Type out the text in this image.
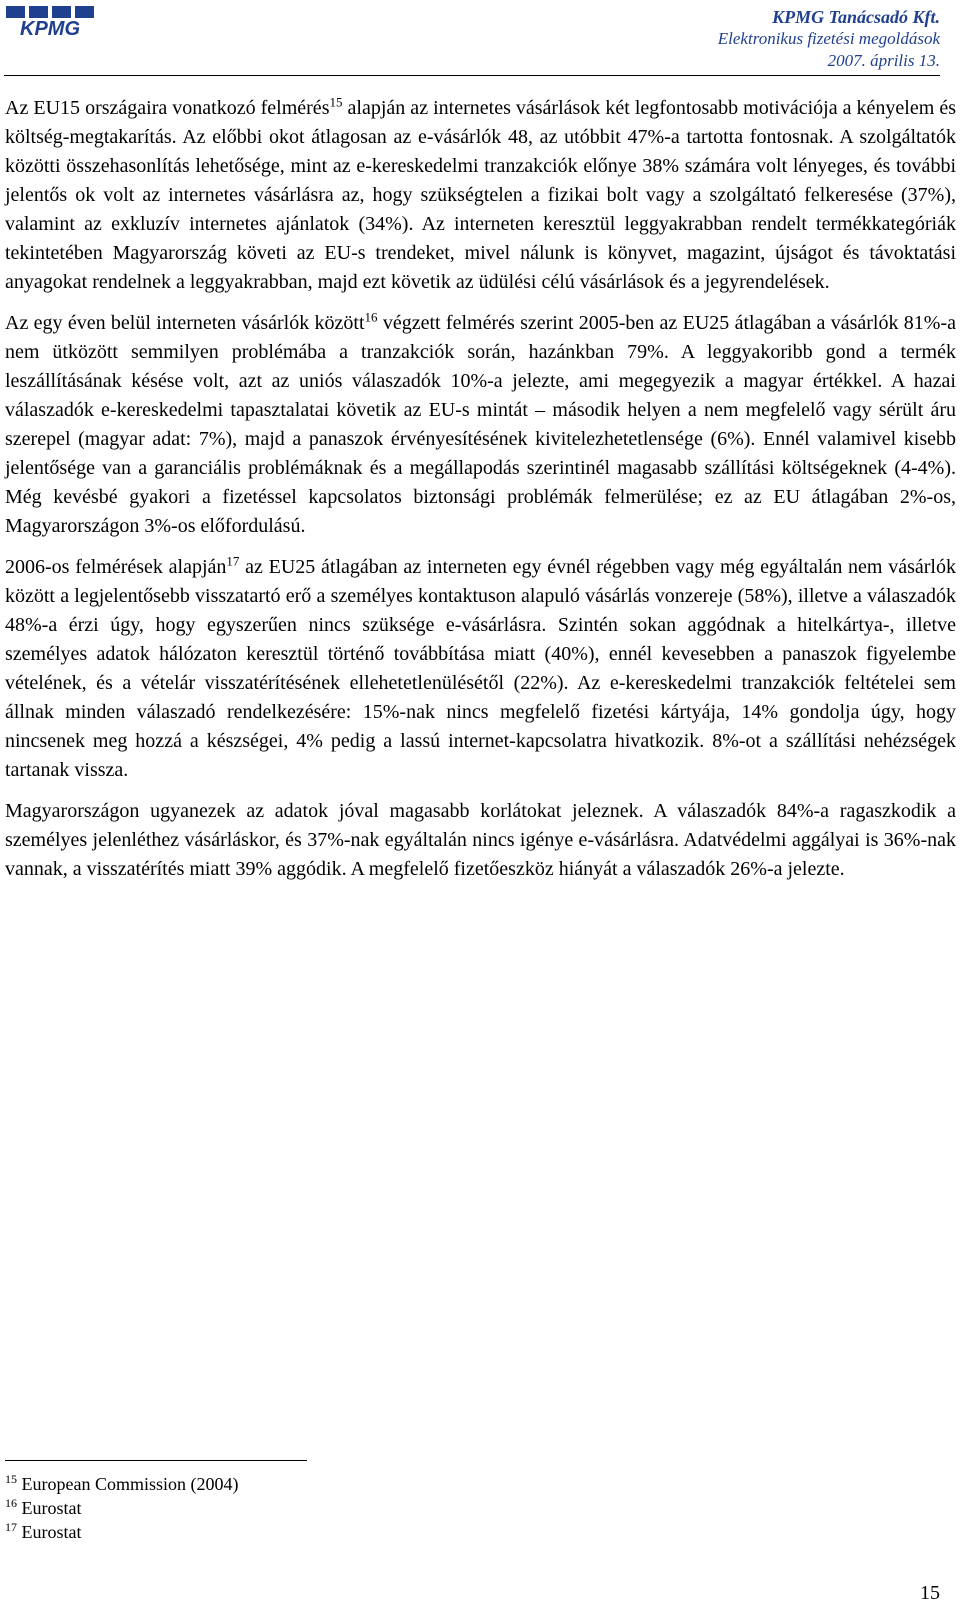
KPMG
KPMG Tanácsadó Kft.
Elektronikus fizetési megoldások
2007. április 13.

Az EU15 országaira vonatkozó felmérés$^{15}$ alapján az internetes vásárlások két legfontosabb motivációja a kényelem és költség-megtakarítás. Az előbbi okot átlagosan az e-vásárlók 48, az utóbbit 47%-a tartotta fontosnak. A szolgáltatók közötti összehasonlítás lehetősége, mint az e-kereskedelmi tranzakciók előnye 38% számára volt lényeges, és további jelentős ok volt az internetes vásárlásra az, hogy szükségtelen a fizikai bolt vagy a szolgáltató felkeresése (37%), valamint az exkluzív internetes ajánlatok (34%). Az interneten keresztül leggyakrabban rendelt termékkategóriák tekintetében Magyarország követi az EU-s trendeket, mivel nálunk is könyvet, magazint, újságot és távoktatási anyagokat rendelnek a leggyakrabban, majd ezt követik az üdülési célú vásárlások és a jegyrendelések.

Az egy éven belül interneten vásárlók között$^{16}$ végzett felmérés szerint 2005-ben az EU25 átlagában a vásárlók 81%-a nem ütközött semmilyen problémába a tranzakciók során, hazánkban 79%. A leggyakoribb gond a termék leszállításának késése volt, azt az uniós válaszadók 10%-a jelezte, ami megegyezik a magyar értékkel. A hazai válaszadók e-kereskedelmi tapasztalatai követik az EU-s mintát – második helyen a nem megfelelő vagy sérült áru szerepel (magyar adat: 7%), majd a panaszok érvényesítésének kivitelezhetetlensége (6%). Ennél valamivel kisebb jelentősége van a garanciális problémáknak és a megállapodás szerintinél magasabb szállítási költségeknek (4-4%). Még kevésbé gyakori a fizetéssel kapcsolatos biztonsági problémák felmerülése; ez az EU átlagában 2%-os, Magyarországon 3%-os előfordulású.

2006-os felmérések alapján$^{17}$ az EU25 átlagában az interneten egy évnél régebben vagy még egyáltalán nem vásárlók között a legjelentősebb visszatartó erő a személyes kontaktuson alapuló vásárlás vonzereje (58%), illetve a válaszadók 48%-a érzi úgy, hogy egyszerűen nincs szüksége e-vásárlásra. Szintén sokan aggódnak a hitelkártya-, illetve személyes adatok hálózaton keresztül történő továbbítása miatt (40%), ennél kevesebben a panaszok figyelembe vételének, és a vételár visszatérítésének ellehetetlenülésétől (22%). Az e-kereskedelmi tranzakciók feltételei sem állnak minden válaszadó rendelkezésére: 15%-nak nincs megfelelő fizetési kártyája, 14% gondolja úgy, hogy nincsenek meg hozzá a készségei, 4% pedig a lassú internet-kapcsolatra hivatkozik. 8%-ot a szállítási nehézségek tartanak vissza.

Magyarországon ugyanezek az adatok jóval magasabb korlátokat jeleznek. A válaszadók 84%-a ragaszkodik a személyes jelenléthez vásárláskor, és 37%-nak egyáltalán nincs igénye e-vásárlásra. Adatvédelmi aggályai is 36%-nak vannak, a visszatérítés miatt 39% aggódik. A megfelelő fizetőeszköz hiányát a válaszadók 26%-a jelezte.

$^{15}$ European Commission (2004)
$^{16}$ Eurostat
$^{17}$ Eurostat
15
